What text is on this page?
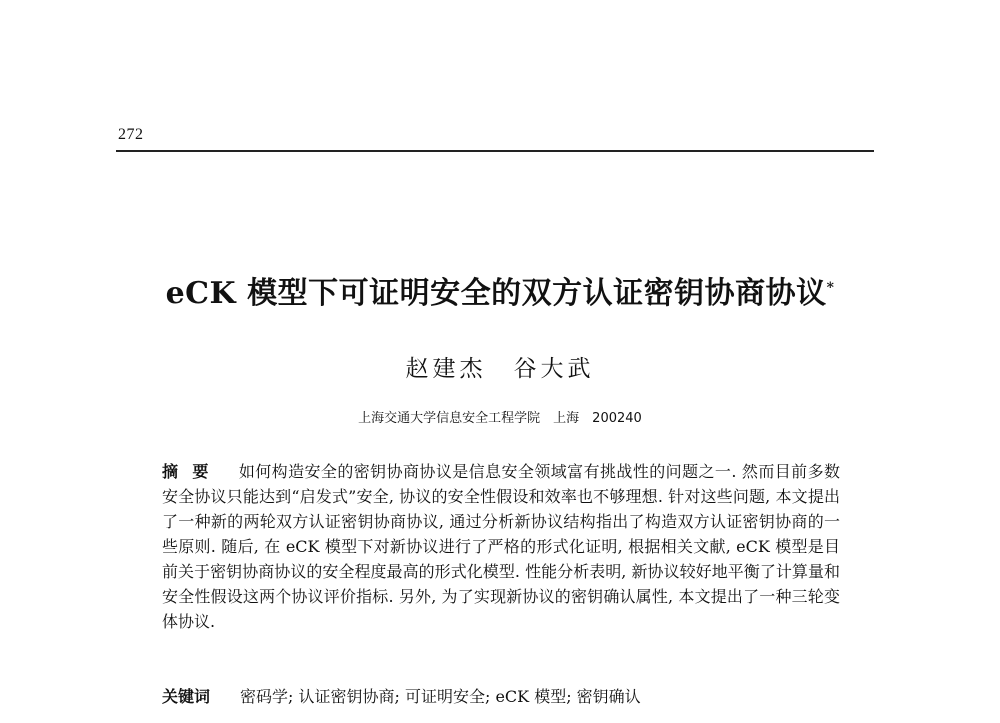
272
eCK 模型下可证明安全的双方认证密钥协商协议*
赵建杰　谷大武
上海交通大学信息安全工程学院　上海　200240
摘要 如何构造安全的密钥协商协议是信息安全领域富有挑战性的问题之一. 然而目前多数安全协议只能达到“启发式”安全, 协议的安全性假设和效率也不够理想. 针对这些问题, 本文提出了一种新的两轮双方认证密钥协商协议, 通过分析新协议结构指出了构造双方认证密钥协商的一些原则. 随后, 在 eCK 模型下对新协议进行了严格的形式化证明, 根据相关文献, eCK 模型是目前关于密钥协商协议的安全程度最高的形式化模型. 性能分析表明, 新协议较好地平衡了计算量和安全性假设这两个协议评价指标. 另外, 为了实现新协议的密钥确认属性, 本文提出了一种三轮变体协议.
关键词 密码学; 认证密钥协商; 可证明安全; eCK 模型; 密钥确认
